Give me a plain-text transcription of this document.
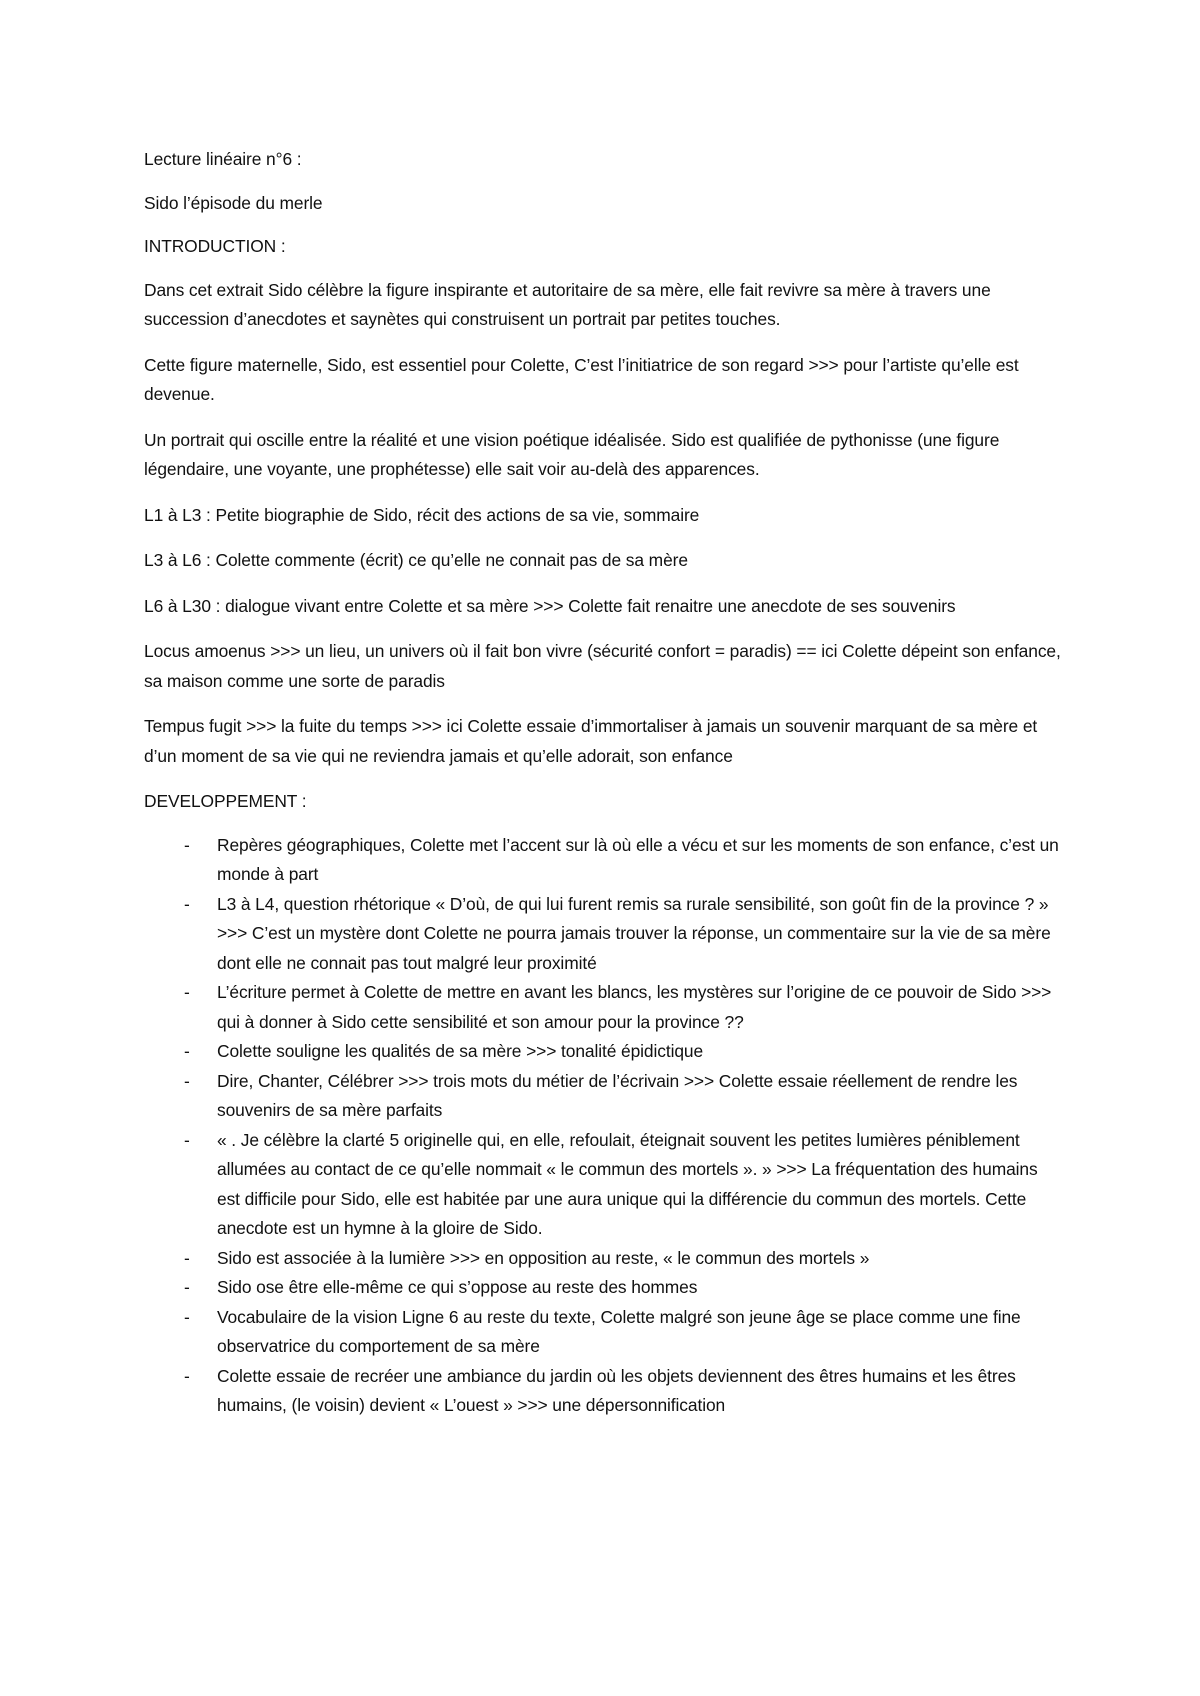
Lecture linéaire n°6 :

Sido l’épisode du merle

INTRODUCTION :

Dans cet extrait Sido célèbre la figure inspirante et autoritaire de sa mère, elle fait revivre sa mère à travers une succession d’anecdotes et saynètes qui construisent un portrait par petites touches.

Cette figure maternelle, Sido, est essentiel pour Colette, C’est l’initiatrice de son regard >>> pour l’artiste qu’elle est devenue.

Un portrait qui oscille entre la réalité et une vision poétique idéalisée. Sido est qualifiée de pythonisse (une figure légendaire, une voyante, une prophétesse) elle sait voir au-delà des apparences.

L1 à L3 : Petite biographie de Sido, récit des actions de sa vie, sommaire

L3 à L6 : Colette commente (écrit) ce qu’elle ne connait pas de sa mère

L6 à L30 : dialogue vivant entre Colette et sa mère >>> Colette fait renaitre une anecdote de ses souvenirs

Locus amoenus >>> un lieu, un univers où il fait bon vivre (sécurité confort = paradis) == ici Colette dépeint son enfance, sa maison comme une sorte de paradis

Tempus fugit >>> la fuite du temps >>> ici Colette essaie d’immortaliser à jamais un souvenir marquant de sa mère et d’un moment de sa vie qui ne reviendra jamais et qu’elle adorait, son enfance

DEVELOPPEMENT :

- Repères géographiques, Colette met l’accent sur là où elle a vécu et sur les moments de son enfance, c’est un monde à part
- L3 à L4, question rhétorique « D’où, de qui lui furent remis sa rurale sensibilité, son goût fin de la province ? » >>> C’est un mystère dont Colette ne pourra jamais trouver la réponse, un commentaire sur la vie de sa mère dont elle ne connait pas tout malgré leur proximité
- L’écriture permet à Colette de mettre en avant les blancs, les mystères sur l’origine de ce pouvoir de Sido >>> qui à donner à Sido cette sensibilité et son amour pour la province ??
- Colette souligne les qualités de sa mère >>> tonalité épidictique
- Dire, Chanter, Célébrer >>> trois mots du métier de l’écrivain >>> Colette essaie réellement de rendre les souvenirs de sa mère parfaits
- « . Je célèbre la clarté 5 originelle qui, en elle, refoulait, éteignait souvent les petites lumières péniblement allumées au contact de ce qu’elle nommait « le commun des mortels ». » >>> La fréquentation des humains est difficile pour Sido, elle est habitée par une aura unique qui la différencie du commun des mortels. Cette anecdote est un hymne à la gloire de Sido.
- Sido est associée à la lumière >>> en opposition au reste, « le commun des mortels »
- Sido ose être elle-même ce qui s’oppose au reste des hommes
- Vocabulaire de la vision Ligne 6 au reste du texte, Colette malgré son jeune âge se place comme une fine observatrice du comportement de sa mère
- Colette essaie de recréer une ambiance du jardin où les objets deviennent des êtres humains et les êtres humains, (le voisin) devient « L’ouest » >>> une dépersonnification
